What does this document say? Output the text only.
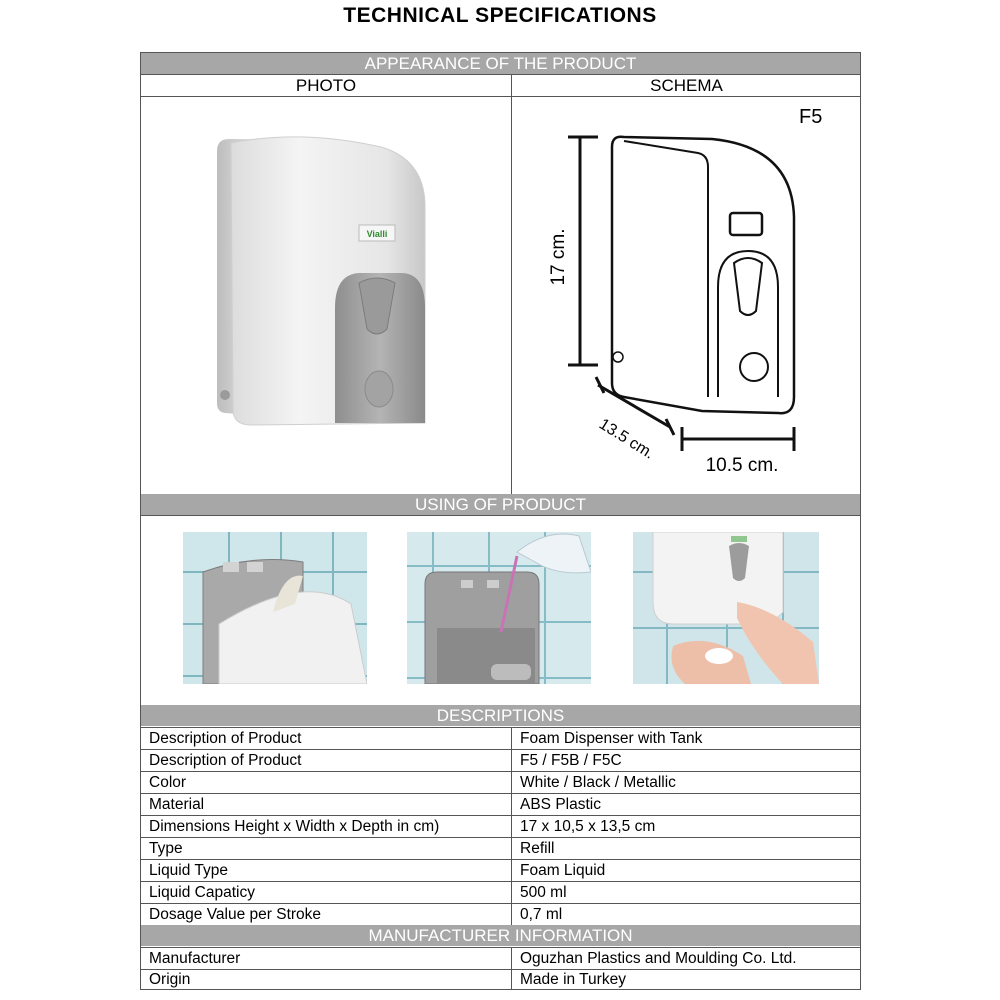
TECHNICAL SPECIFICATIONS
APPEARANCE OF THE PRODUCT
PHOTO	SCHEMA
Vialli
F5
17 cm.
13.5 cm.
10.5 cm.
USING OF PRODUCT
DESCRIPTIONS
Description of Product	Foam Dispenser with Tank
Description of Product	F5 / F5B / F5C
Color	White / Black / Metallic
Material	ABS Plastic
Dimensions Height x Width x Depth in cm)	17 x 10,5 x 13,5 cm
Type	Refill
Liquid Type	Foam Liquid
Liquid Capaticy	500 ml
Dosage Value per Stroke	0,7 ml
MANUFACTURER INFORMATION
Manufacturer	Oguzhan Plastics and Moulding Co. Ltd.
Origin	Made in Turkey
